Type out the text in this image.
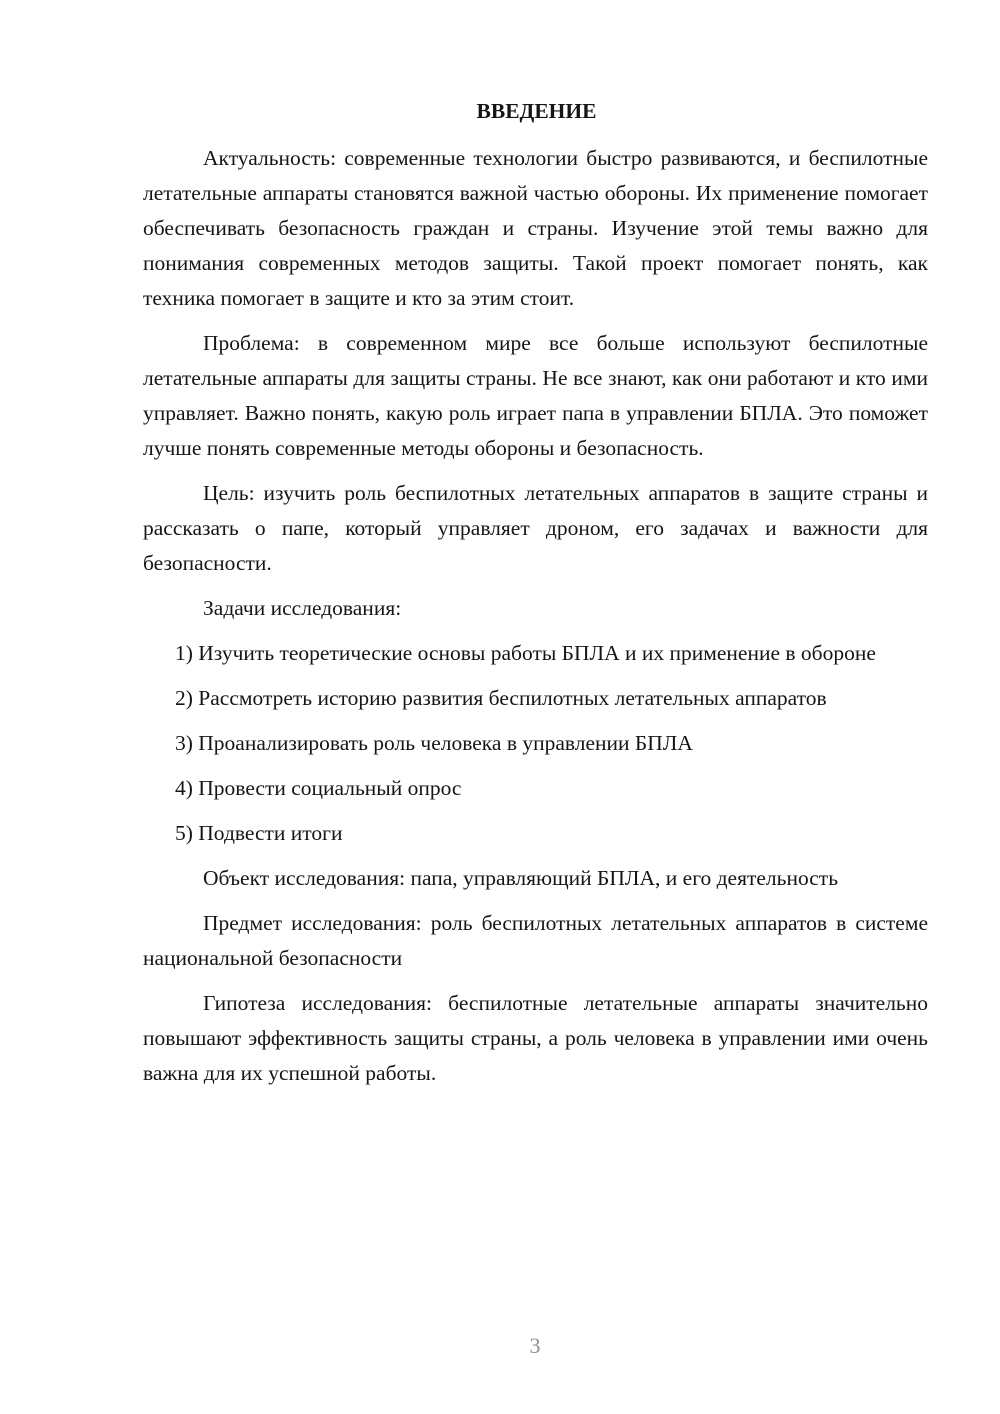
ВВЕДЕНИЕ

Актуальность: современные технологии быстро развиваются, и беспилотные летательные аппараты становятся важной частью обороны. Их применение помогает обеспечивать безопасность граждан и страны. Изучение этой темы важно для понимания современных методов защиты. Такой проект помогает понять, как техника помогает в защите и кто за этим стоит.

Проблема: в современном мире все больше используют беспилотные летательные аппараты для защиты страны. Не все знают, как они работают и кто ими управляет. Важно понять, какую роль играет папа в управлении БПЛА. Это поможет лучше понять современные методы обороны и безопасность.

Цель: изучить роль беспилотных летательных аппаратов в защите страны и рассказать о папе, который управляет дроном, его задачах и важности для безопасности.

Задачи исследования:

1) Изучить теоретические основы работы БПЛА и их применение в обороне

2) Рассмотреть историю развития беспилотных летательных аппаратов

3) Проанализировать роль человека в управлении БПЛА

4) Провести социальный опрос

5) Подвести итоги

Объект исследования: папа, управляющий БПЛА, и его деятельность

Предмет исследования: роль беспилотных летательных аппаратов в системе национальной безопасности

Гипотеза исследования: беспилотные летательные аппараты значительно повышают эффективность защиты страны, а роль человека в управлении ими очень важна для их успешной работы.

3
